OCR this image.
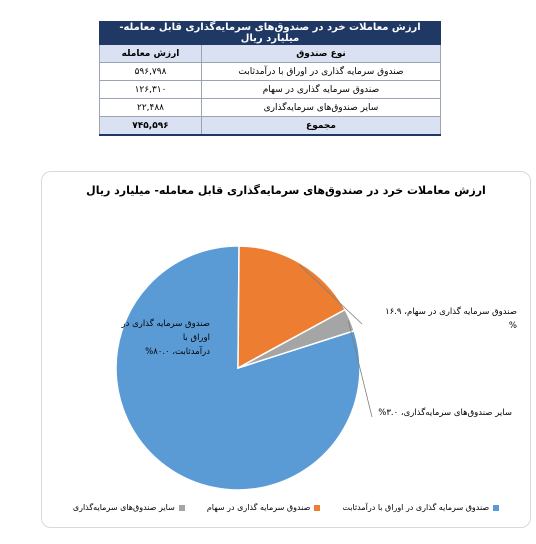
ارزش معاملات خرد در صندوق‌های سرمایه‌گذاری قابل معامله- میلیارد ریال	
نوع صندوق	ارزش معامله
صندوق سرمایه گذاری در اوراق با درآمدثابت	۵۹۶,۷۹۸
صندوق سرمایه گذاری در سهام	۱۲۶,۳۱۰
سایر صندوق‌های سرمایه‌گذاری	۲۲,۴۸۸
مجموع	۷۴۵,۵۹۶
ارزش معاملات خرد در صندوق‌های سرمایه‌گذاری قابل معامله- میلیارد ریال
صندوق سرمایه گذاری در اوراق با
درآمدثابت، ۸۰.۰%
صندوق سرمایه گذاری در سهام، ۱۶.۹
%
سایر صندوق‌های سرمایه‌گذاری، ۳.۰%
صندوق سرمایه گذاری در اوراق با درآمدثابت
صندوق سرمایه گذاری در سهام
سایر صندوق‌های سرمایه‌گذاری
